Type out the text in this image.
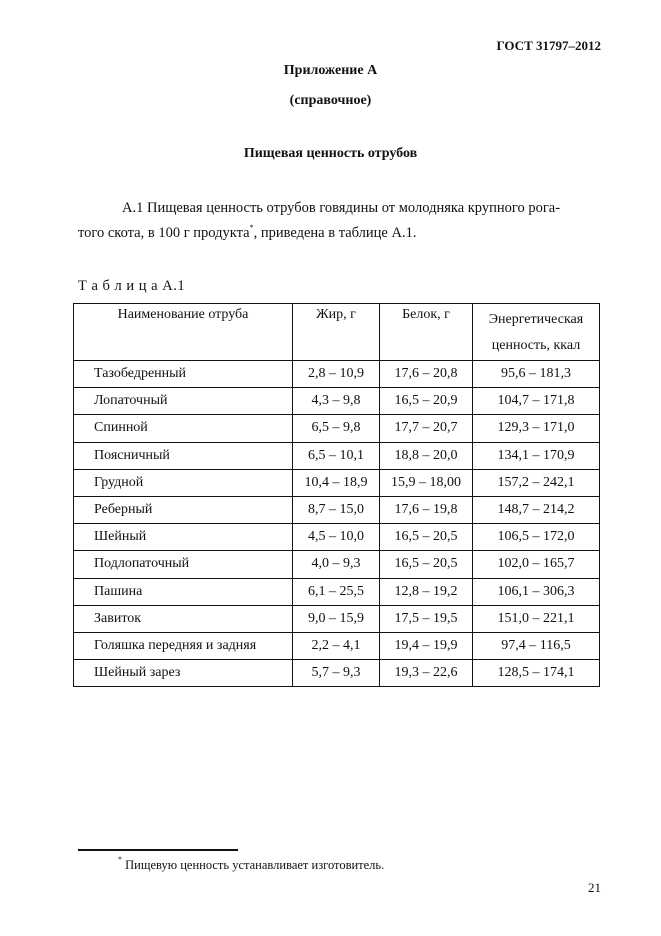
ГОСТ 31797–2012
Приложение А
(справочное)
Пищевая ценность отрубов
А.1 Пищевая ценность отрубов говядины от молодняка крупного рога-
того скота, в 100 г продукта*, приведена в таблице А.1.
Т а б л и ц а А.1
Наименование отруба	Жир, г	Белок, г	Энергетическая ценность, ккал
Тазобедренный	2,8 – 10,9	17,6 – 20,8	95,6 – 181,3
Лопаточный	4,3 – 9,8	16,5 – 20,9	104,7 – 171,8
Спинной	6,5 – 9,8	17,7 – 20,7	129,3 – 171,0
Поясничный	6,5 – 10,1	18,8 – 20,0	134,1 – 170,9
Грудной	10,4 – 18,9	15,9 – 18,00	157,2 – 242,1
Реберный	8,7 – 15,0	17,6 – 19,8	148,7 – 214,2
Шейный	4,5 – 10,0	16,5 – 20,5	106,5 – 172,0
Подлопаточный	4,0 – 9,3	16,5 – 20,5	102,0 – 165,7
Пашина	6,1 – 25,5	12,8 – 19,2	106,1 – 306,3
Завиток	9,0 – 15,9	17,5 – 19,5	151,0 – 221,1
Голяшка передняя и задняя	2,2 – 4,1	19,4 – 19,9	97,4 – 116,5
Шейный зарез	5,7 – 9,3	19,3 – 22,6	128,5 – 174,1
* Пищевую ценность устанавливает изготовитель.
21
